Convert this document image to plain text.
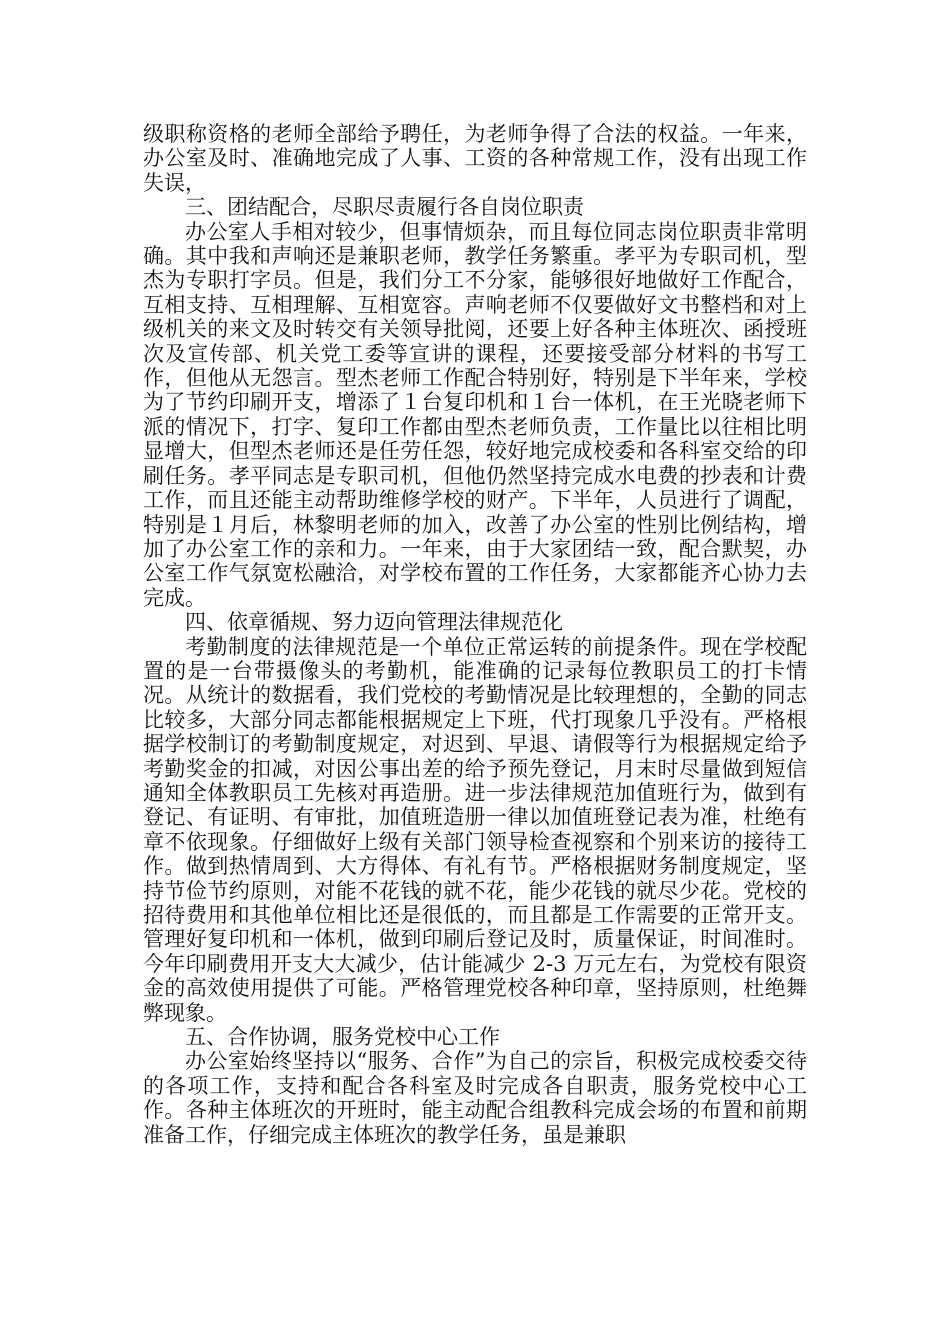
级职称资格的老师全部给予聘任，为老师争得了合法的权益。一年来，办公室及时、准确地完成了人事、工资的各种常规工作，没有出现工作失误，

三、团结配合，尽职尽责履行各自岗位职责

办公室人手相对较少，但事情烦杂，而且每位同志岗位职责非常明确。其中我和声响还是兼职老师，教学任务繁重。孝平为专职司机，型杰为专职打字员。但是，我们分工不分家，能够很好地做好工作配合，互相支持、互相理解、互相宽容。声响老师不仅要做好文书整档和对上级机关的来文及时转交有关领导批阅，还要上好各种主体班次、函授班次及宣传部、机关党工委等宣讲的课程，还要接受部分材料的书写工作，但他从无怨言。型杰老师工作配合特别好，特别是下半年来，学校为了节约印刷开支，增添了１台复印机和１台一体机，在王光晓老师下派的情况下，打字、复印工作都由型杰老师负责，工作量比以往相比明显增大，但型杰老师还是任劳任怨，较好地完成校委和各科室交给的印刷任务。孝平同志是专职司机，但他仍然坚持完成水电费的抄表和计费工作，而且还能主动帮助维修学校的财产。下半年，人员进行了调配，特别是１月后，林黎明老师的加入，改善了办公室的性别比例结构，增加了办公室工作的亲和力。一年来，由于大家团结一致，配合默契，办公室工作气氛宽松融洽，对学校布置的工作任务，大家都能齐心协力去完成。

四、依章循规、努力迈向管理法律规范化

考勤制度的法律规范是一个单位正常运转的前提条件。现在学校配置的是一台带摄像头的考勤机，能准确的记录每位教职员工的打卡情况。从统计的数据看，我们党校的考勤情况是比较理想的，全勤的同志比较多，大部分同志都能根据规定上下班，代打现象几乎没有。严格根据学校制订的考勤制度规定，对迟到、早退、请假等行为根据规定给予考勤奖金的扣减，对因公事出差的给予预先登记，月末时尽量做到短信通知全体教职员工先核对再造册。进一步法律规范加值班行为，做到有登记、有证明、有审批，加值班造册一律以加值班登记表为准，杜绝有章不依现象。仔细做好上级有关部门领导检查视察和个别来访的接待工作。做到热情周到、大方得体、有礼有节。严格根据财务制度规定，坚持节俭节约原则，对能不花钱的就不花，能少花钱的就尽少花。党校的招待费用和其他单位相比还是很低的，而且都是工作需要的正常开支。管理好复印机和一体机，做到印刷后登记及时，质量保证，时间准时。今年印刷费用开支大大减少，估计能减少 2-3 万元左右，为党校有限资金的高效使用提供了可能。严格管理党校各种印章，坚持原则，杜绝舞弊现象。

五、合作协调，服务党校中心工作

办公室始终坚持以“服务、合作”为自己的宗旨，积极完成校委交待的各项工作，支持和配合各科室及时完成各自职责，服务党校中心工作。各种主体班次的开班时，能主动配合组教科完成会场的布置和前期准备工作，仔细完成主体班次的教学任务，虽是兼职
